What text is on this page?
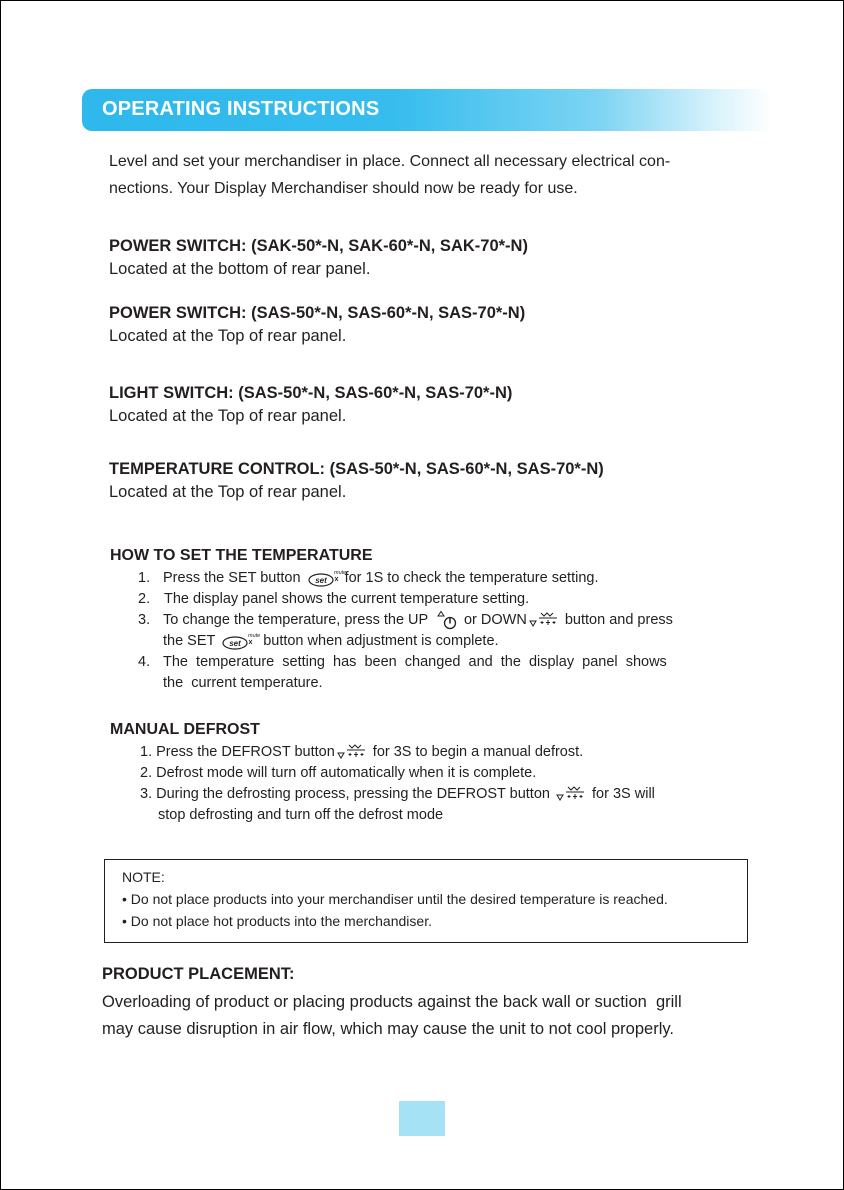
OPERATING INSTRUCTIONS

Level and set your merchandiser in place. Connect all necessary electrical con-
nections. Your Display Merchandiser should now be ready for use.

POWER SWITCH: (SAK-50*-N, SAK-60*-N, SAK-70*-N)

Located at the bottom of rear panel.

POWER SWITCH: (SAS-50*-N, SAS-60*-N, SAS-70*-N)

Located at the Top of rear panel.

LIGHT SWITCH: (SAS-50*-N, SAS-60*-N, SAS-70*-N)

Located at the Top of rear panel.

TEMPERATURE CONTROL: (SAS-50*-N, SAS-60*-N, SAS-70*-N)

Located at the Top of rear panel.

HOW TO SET THE TEMPERATURE

1. Press the SET button set
mute
for 1S to check the temperature setting.
2. The display panel shows the current temperature setting.
3. To change the temperature, press the UP or DOWN	button and press
the SET set
mute button when adjustment is complete.
4. The  temperature  setting  has  been  changed  and  the  display  panel  shows
the  current temperature.

MANUAL DEFROST

1. Press the DEFROST button	for 3S to begin a manual defrost.
2. Defrost mode will turn off automatically when it is complete.
3. During the defrosting process, pressing the DEFROST button	for 3S will
stop defrosting and turn off the defrost mode

NOTE:

• Do not place products into your merchandiser until the desired temperature is reached.

• Do not place hot products into the merchandiser.

PRODUCT PLACEMENT:

Overloading of product or placing products against the back wall or suction  grill
may cause disruption in air flow, which may cause the unit to not cool properly.
